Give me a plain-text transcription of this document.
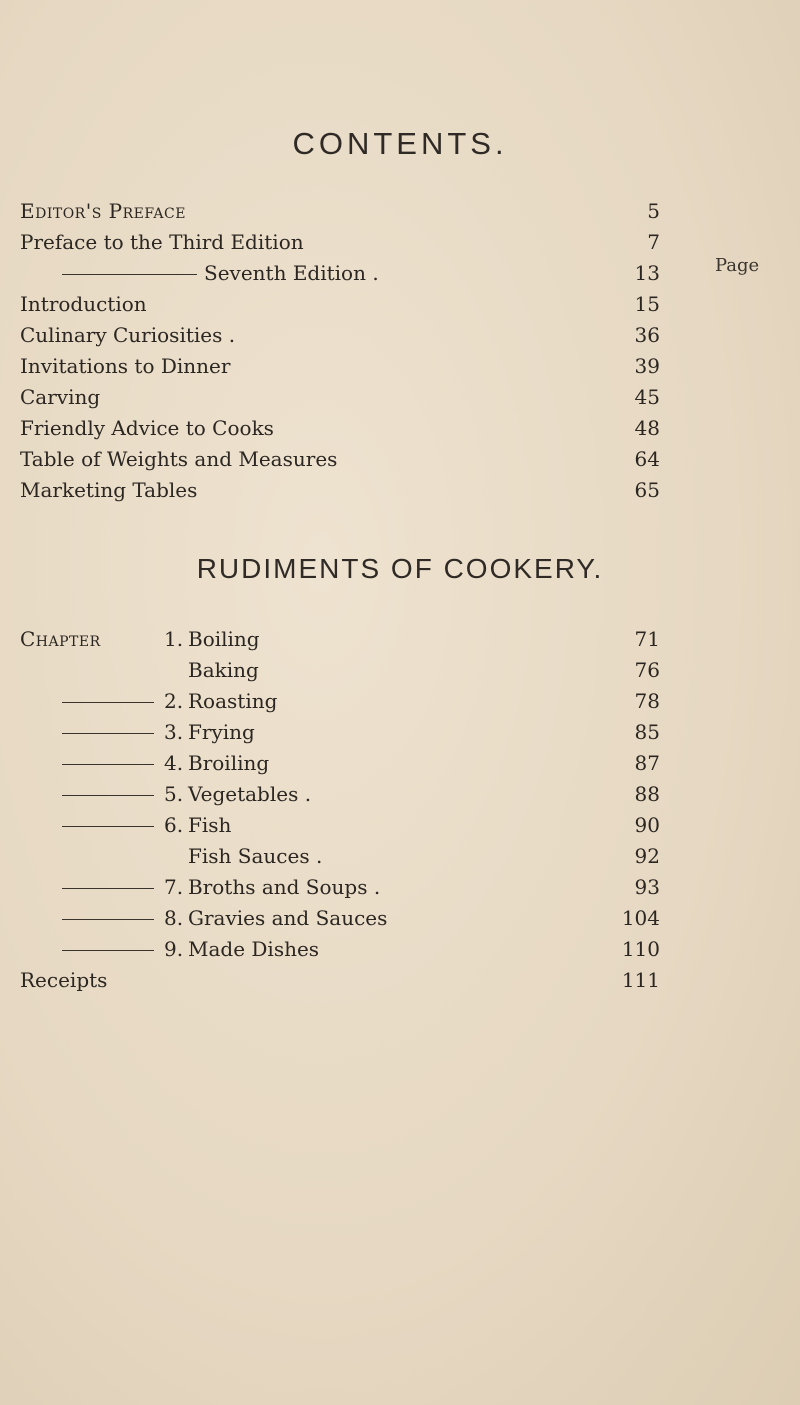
CONTENTS.
Page
Editor's Preface	5
Preface to the Third Edition	7
Seventh Edition .	13
Introduction	15
Culinary Curiosities .	36
Invitations to Dinner	39
Carving	45
Friendly Advice to Cooks	48
Table of Weights and Measures	64
Marketing Tables	65
RUDIMENTS OF COOKERY.
Chapter	1. Boiling	71
Baking	76
2. Roasting	78
3. Frying	85
4. Broiling	87
5. Vegetables .	88
6. Fish	90
Fish Sauces .	92
7. Broths and Soups .	93
8. Gravies and Sauces	104
9. Made Dishes	110
Receipts	111
